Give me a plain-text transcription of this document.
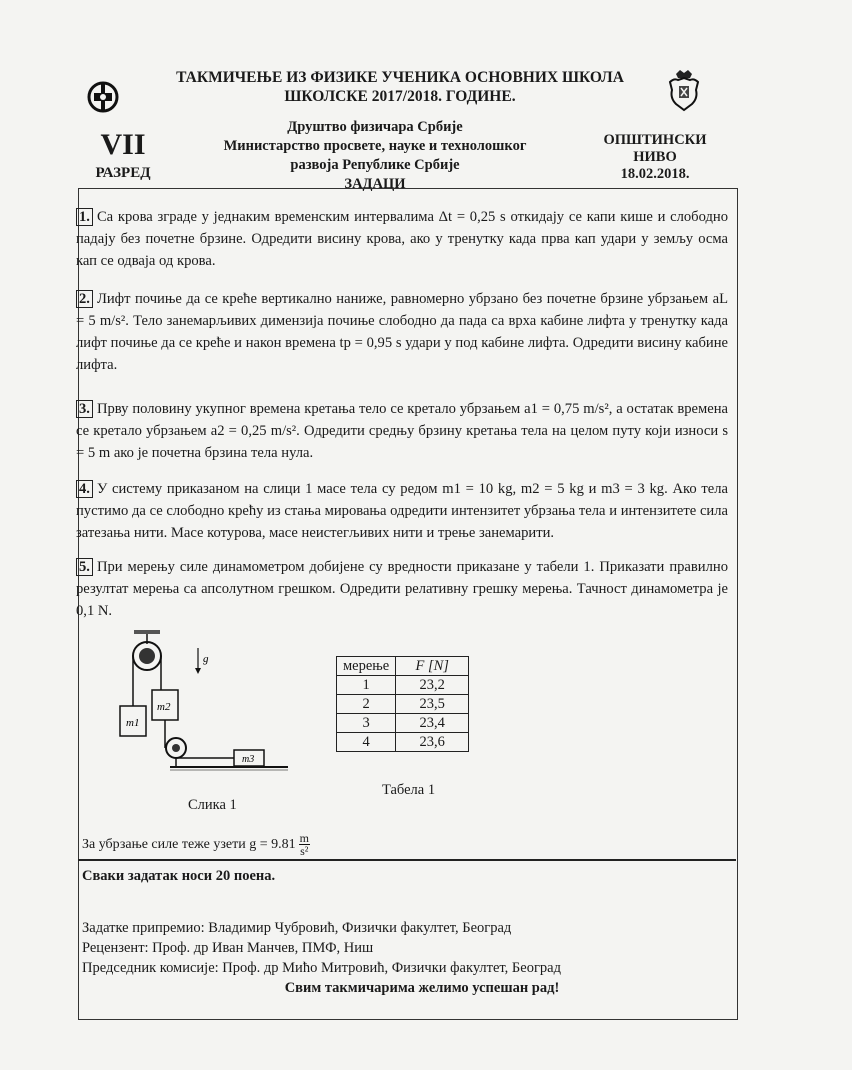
ТАКМИЧЕЊЕ ИЗ ФИЗИКЕ УЧЕНИКА ОСНОВНИХ ШКОЛА
ШКОЛСКЕ 2017/2018. ГОДИНЕ.
VII
РАЗРЕД
Друштво физичара Србије
Министарство просвете, науке и технолошког
развоја Републике Србије
ЗАДАЦИ
ОПШТИНСКИ
НИВО
18.02.2018.
1. Са крова зграде у једнаким временским интервалима Δt = 0,25 s откидају се капи кише и слободно падају без почетне брзине. Одредити висину крова, ако у тренутку када прва кап удари у земљу осма кап се одваја од крова.
2. Лифт почиње да се креће вертикално наниже, равномерно убрзано без почетне брзине убрзањем aL = 5 m/s². Тело занемарљивих димензија почиње слободно да пада са врха кабине лифта у тренутку када лифт почиње да се креће и након времена tp = 0,95 s удари у под кабине лифта. Одредити висину кабине лифта.
3. Прву половину укупног времена кретања тело се кретало убрзањем a1 = 0,75 m/s², а остатак времена се кретало убрзањем a2 = 0,25 m/s². Одредити средњу брзину кретања тела на целом путу који износи s = 5 m ако је почетна брзина тела нула.
4. У систему приказаном на слици 1 масе тела су редом m1 = 10 kg, m2 = 5 kg и m3 = 3 kg. Ако тела пустимо да се слободно крећу из стања мировања одредити интензитет убрзања тела и интензитете сила затезања нити. Масе котурова, масе неистегљивих нити и трење занемарити.
5. При мерењу силе динамометром добијене су вредности приказане у табели 1. Приказати правилно резултат мерења са апсолутном грешком. Одредити релативну грешку мерења. Тачност динамометра је 0,1 N.
m1
m2
m3
g
Слика 1
мерење	F [N]
1	23,2
2	23,5
3	23,4
4	23,6
Табела 1
За убрзање силе теже узети $g = 9.81 \frac{m}{\text{s²}}$
Сваки задатак носи 20 поена.
Задатке припремио: Владимир Чубровић, Физички факултет, Београд
Рецензент: Проф. др Иван Манчев, ПМФ, Ниш
Председник комисије: Проф. др Мићо Митровић, Физички факултет, Београд
Свим такмичарима желимо успешан рад!
